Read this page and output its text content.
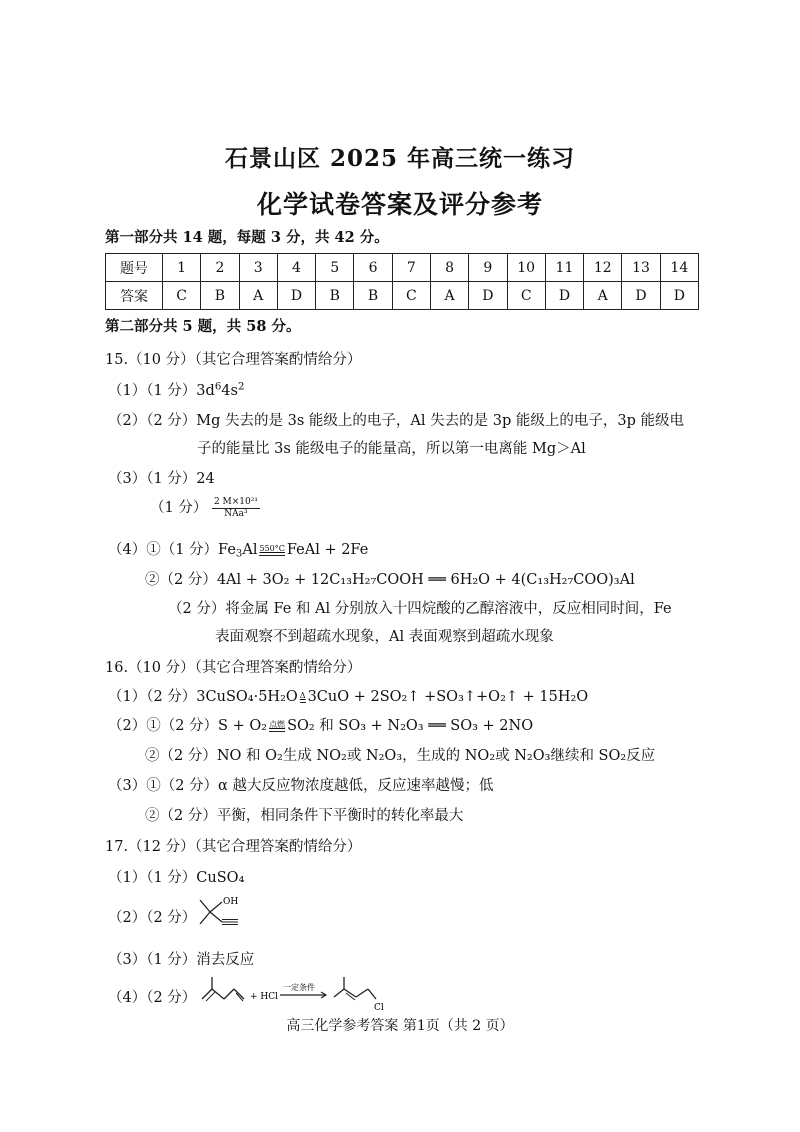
石景山区 2025 年高三统一练习
化学试卷答案及评分参考
第一部分共 14 题，每题 3 分，共 42 分。
题号	1	2	3	4	5	6	7	8	9	10	11	12	13	14
答案	C	B	A	D	B	B	C	A	D	C	D	A	D	D
第二部分共 5 题，共 58 分。
15.（10 分）（其它合理答案酌情给分）
（1）（1 分）$3d^64s^2$
（2）（2 分）Mg 失去的是 3s 能级上的电子，Al 失去的是 3p 能级上的电子，3p 能级电
子的能量比 3s 能级电子的能量高，所以第一电离能 Mg＞Al
（3）（1 分）24
（1 分） $\frac{\text{2 M×10²¹}}{\text{NAa³}}$
（4）①（1 分）$Fe_3Al$ 550°C FeAl + 2Fe
②（2 分）4Al + 3O₂ + 12C₁₃H₂₇COOH ══ 6H₂O + 4(C₁₃H₂₇COO)₃Al
（2 分）将金属 Fe 和 Al 分别放入十四烷酸的乙醇溶液中，反应相同时间，Fe
表面观察不到超疏水现象，Al 表面观察到超疏水现象
16.（10 分）（其它合理答案酌情给分）
（1）（2 分）3CuSO₄·5H₂O Δ 3CuO + 2SO₂↑ +SO₃↑+O₂↑ + 15H₂O
（2）①（2 分）S + O₂ 点燃 SO₂ 和 SO₃ + N₂O₃ ══ SO₃ + 2NO
②（2 分）NO 和 O₂生成 NO₂或 N₂O₃，生成的 NO₂或 N₂O₃继续和 SO₂反应
（3）①（2 分）α 越大反应物浓度越低，反应速率越慢；低
②（2 分）平衡，相同条件下平衡时的转化率最大
17.（12 分）（其它合理答案酌情给分）
（1）（1 分）CuSO₄
（2）（2 分）
OH
（3）（1 分）消去反应
（4）（2 分）	+ HCl
一定条件
Cl
高三化学参考答案 第1页（共 2 页）
